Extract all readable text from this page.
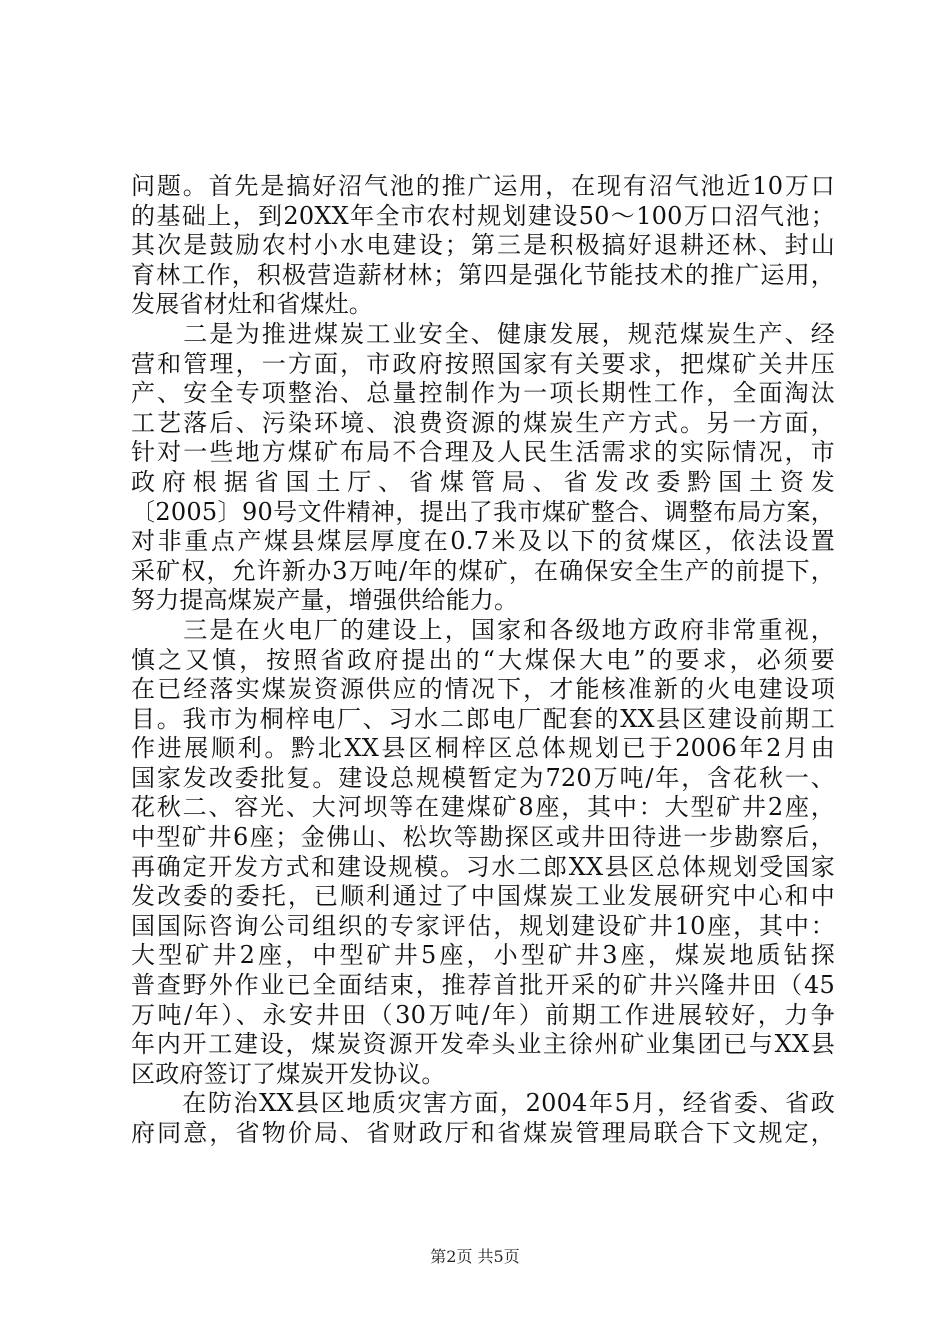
问题。首先是搞好沼气池的推广运用，在现有沼气池近10万口
的基础上，到20XX年全市农村规划建设50～100万口沼气池；
其次是鼓励农村小水电建设；第三是积极搞好退耕还林、封山
育林工作，积极营造薪材林；第四是强化节能技术的推广运用，
发展省材灶和省煤灶。
　　二是为推进煤炭工业安全、健康发展，规范煤炭生产、经
营和管理，一方面，市政府按照国家有关要求，把煤矿关井压
产、安全专项整治、总量控制作为一项长期性工作，全面淘汰
工艺落后、污染环境、浪费资源的煤炭生产方式。另一方面，
针对一些地方煤矿布局不合理及人民生活需求的实际情况，市
政府根据省国土厅、省煤管局、省发改委黔国土资发
〔2005〕90号文件精神，提出了我市煤矿整合、调整布局方案，
对非重点产煤县煤层厚度在0.7米及以下的贫煤区，依法设置
采矿权，允许新办3万吨/年的煤矿，在确保安全生产的前提下，
努力提高煤炭产量，增强供给能力。
　　三是在火电厂的建设上，国家和各级地方政府非常重视，
慎之又慎，按照省政府提出的“大煤保大电”的要求，必须要
在已经落实煤炭资源供应的情况下，才能核准新的火电建设项
目。我市为桐梓电厂、习水二郎电厂配套的XX县区建设前期工
作进展顺利。黔北XX县区桐梓区总体规划已于2006年2月由
国家发改委批复。建设总规模暂定为720万吨/年，含花秋一、
花秋二、容光、大河坝等在建煤矿8座，其中：大型矿井2座，
中型矿井6座；金佛山、松坎等勘探区或井田待进一步勘察后，
再确定开发方式和建设规模。习水二郎XX县区总体规划受国家
发改委的委托，已顺利通过了中国煤炭工业发展研究中心和中
国国际咨询公司组织的专家评估，规划建设矿井10座，其中：
大型矿井2座，中型矿井5座，小型矿井3座，煤炭地质钻探
普查野外作业已全面结束，推荐首批开采的矿井兴隆井田（45
万吨/年）、永安井田（30万吨/年）前期工作进展较好，力争
年内开工建设，煤炭资源开发牵头业主徐州矿业集团已与XX县
区政府签订了煤炭开发协议。
　　在防治XX县区地质灾害方面，2004年5月，经省委、省政
府同意，省物价局、省财政厅和省煤炭管理局联合下文规定，
第2页 共5页
